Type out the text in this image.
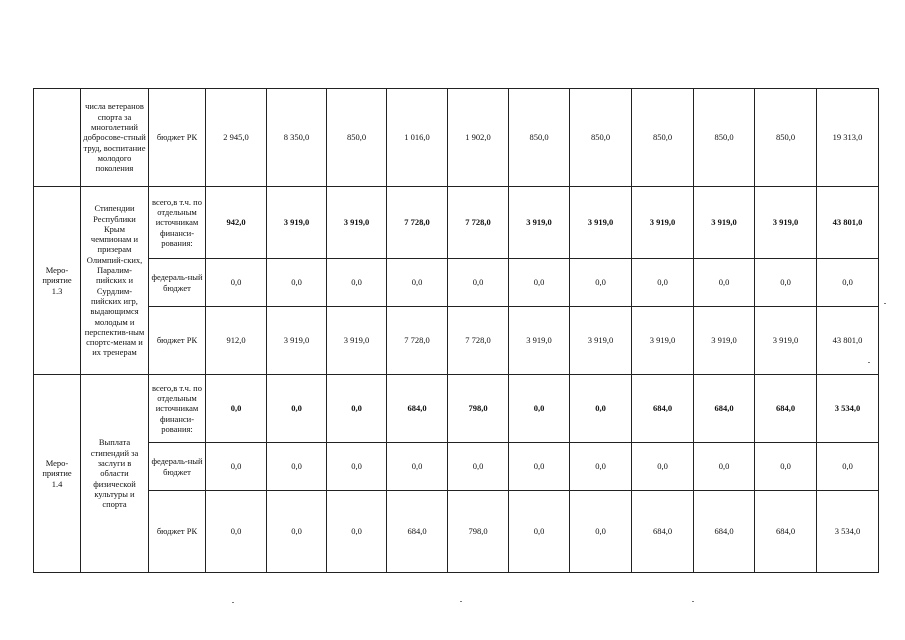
	числа ветеранов спорта за многолетний добросове-стный труд, воспитание молодого поколения	бюджет РК	2 945,0	8 350,0	850,0	1 016,0	1 902,0	850,0	850,0	850,0	850,0	850,0	19 313,0
Меро-приятие 1.3	Стипендии Республики Крым чемпионам и призерам Олимпий-ских, Паралим-пийских и Сурдлим-пийских игр, выдающимся молодым и перспектив-ным спортс-менам и их тренерам	всего,в т.ч. по отдельным источникам финанси-рования:	942,0	3 919,0	3 919,0	7 728,0	7 728,0	3 919,0	3 919,0	3 919,0	3 919,0	3 919,0	43 801,0
		федераль-ный бюджет	0,0	0,0	0,0	0,0	0,0	0,0	0,0	0,0	0,0	0,0	0,0
		бюджет РК	912,0	3 919,0	3 919,0	7 728,0	7 728,0	3 919,0	3 919,0	3 919,0	3 919,0	3 919,0	43 801,0
Меро-приятие 1.4	Выплата стипендий за заслуги в области физической культуры и спорта	всего,в т.ч. по отдельным источникам финанси-рования:	0,0	0,0	0,0	684,0	798,0	0,0	0,0	684,0	684,0	684,0	3 534,0
		федераль-ный бюджет	0,0	0,0	0,0	0,0	0,0	0,0	0,0	0,0	0,0	0,0	0,0
		бюджет РК	0,0	0,0	0,0	684,0	798,0	0,0	0,0	684,0	684,0	684,0	3 534,0
